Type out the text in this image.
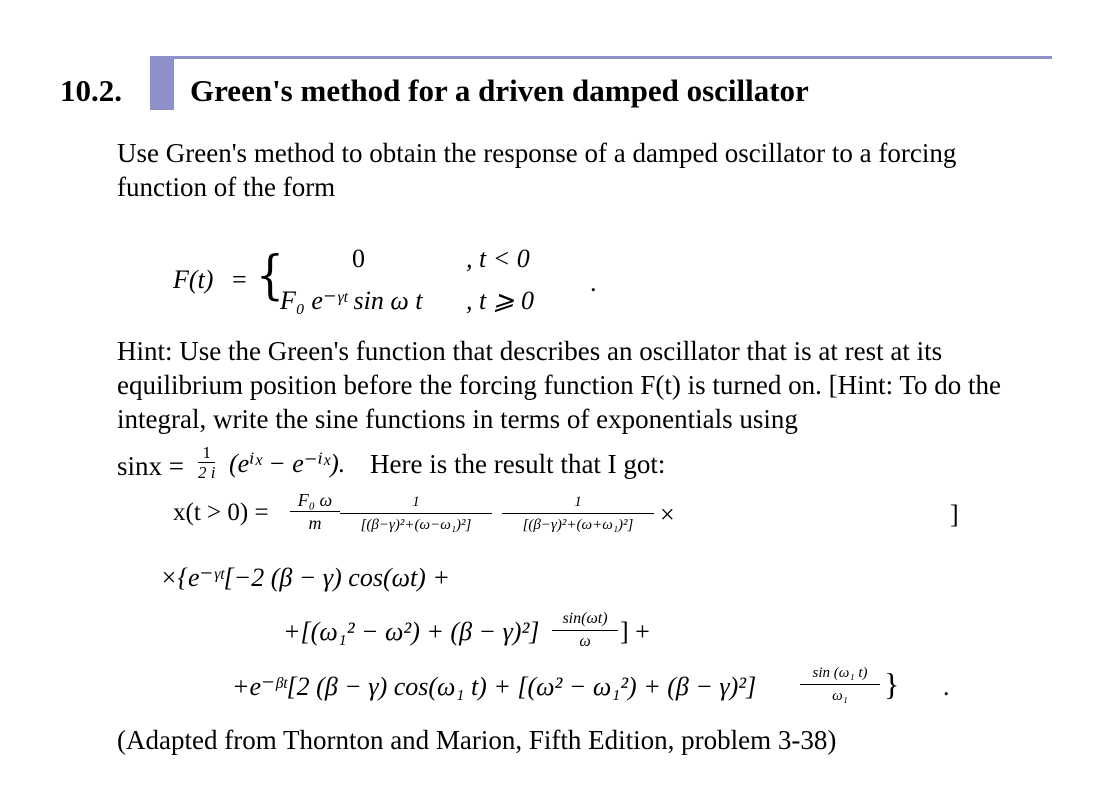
10.2. Green's method for a driven damped oscillator
Use Green's method to obtain the response of a damped oscillator to a forcing function of the form
F(t) = {	0	, t < 0
F₀ e⁻ᵞᵗ sin ω t , t ⩾ 0
.
Hint: Use the Green's function that describes an oscillator that is at rest at its equilibrium position before the forcing function F(t) is turned on. [Hint: To do the integral, write the sine functions in terms of exponentials using
$\sin x = \frac{1}{2 i}$ (eⁱˣ − e⁻ⁱˣ). Here is the result that I got:
$x(t > 0) = \frac{\text{F₀ ω}}{m} \frac{1}{\text{[(β−γ)²+(ω−ω₁)²]}} \frac{1}{\text{[(β−γ)²+(ω+ω₁)²]}}$ ×	]
×{e⁻ᵞᵗ[−2 (β − γ) cos(ωt) +
$+[(\omega_1^2 - \omega^2) + (\beta - \gamma)^2] \frac{\sin(\omega t)}{\omega}$ ] +
+e⁻ᵝᵗ[2 (β − γ) cos(ω₁ t) + [(ω² − ω₁²) + (β − γ)²]	$\frac{\text{sin (ω₁ t)}}{\text{ω₁}}$ } .
(Adapted from Thornton and Marion, Fifth Edition, problem 3-38)
